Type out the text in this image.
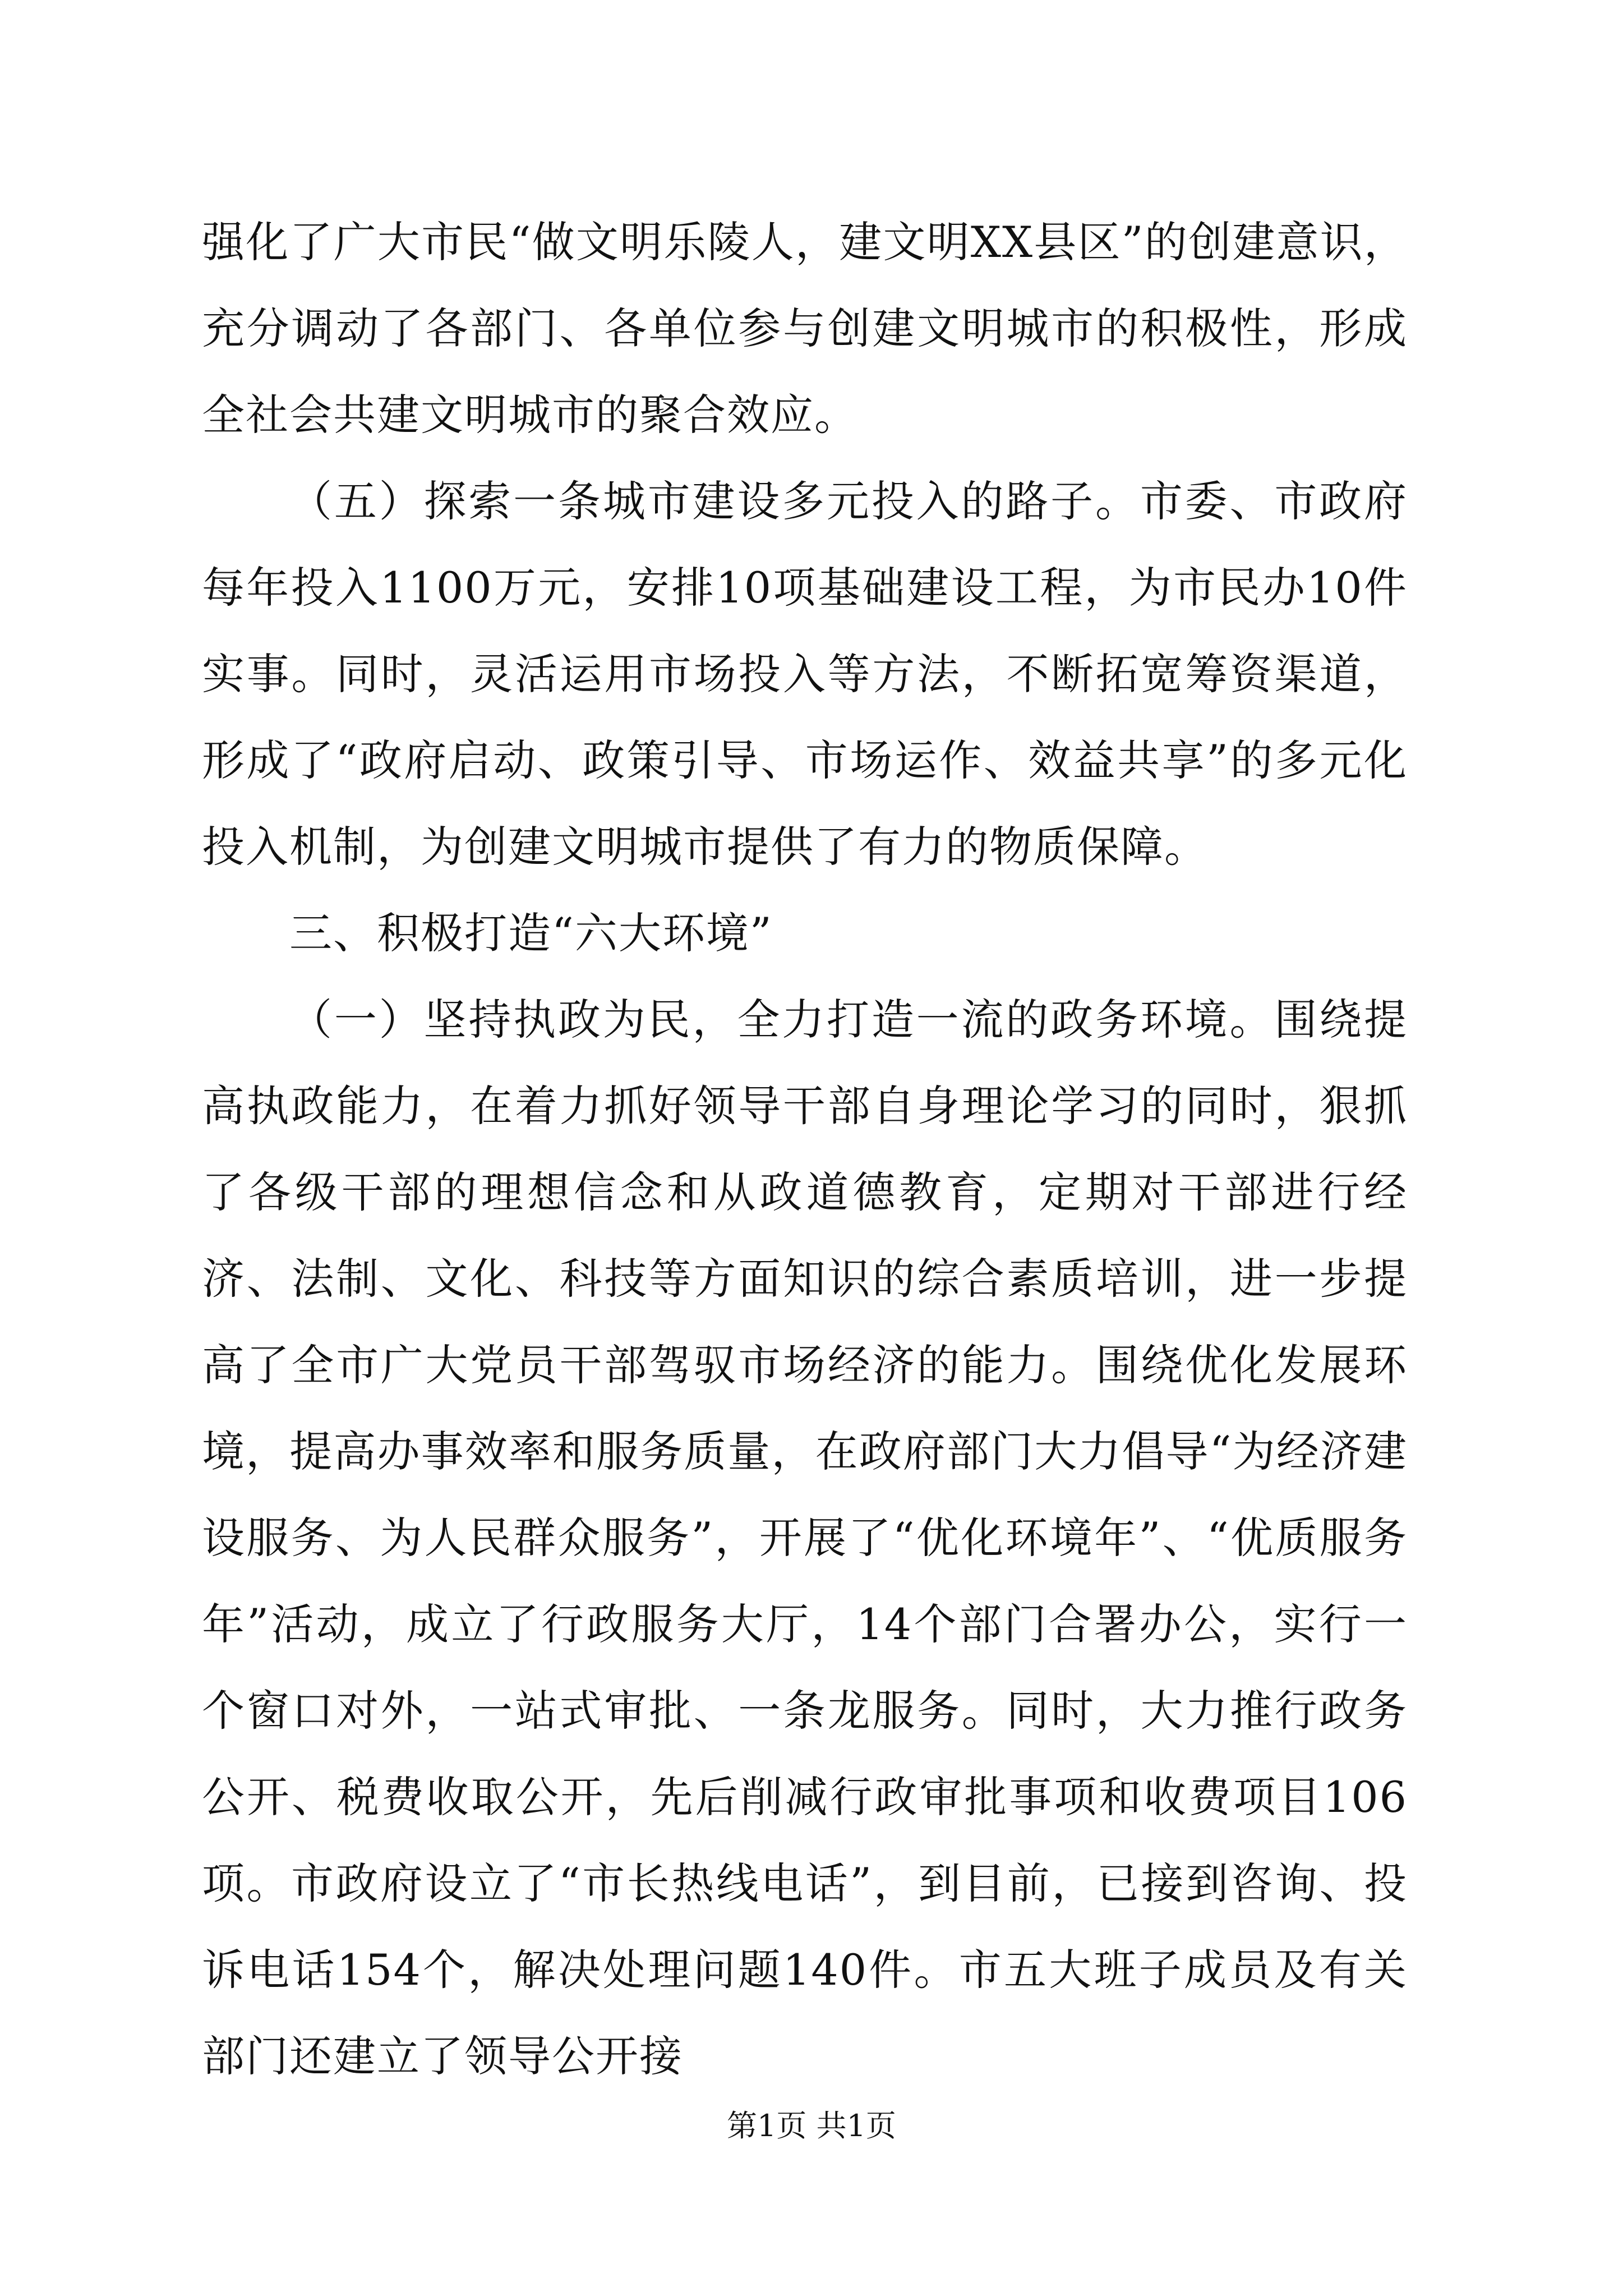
强化了广大市民“做文明乐陵人，建文明XX县区”的创建意识，充分调动了各部门、各单位参与创建文明城市的积极性，形成全社会共建文明城市的聚合效应。

（五）探索一条城市建设多元投入的路子。市委、市政府每年投入1100万元，安排10项基础建设工程，为市民办10件实事。同时，灵活运用市场投入等方法，不断拓宽筹资渠道，形成了“政府启动、政策引导、市场运作、效益共享”的多元化投入机制，为创建文明城市提供了有力的物质保障。

三、积极打造“六大环境”

（一）坚持执政为民，全力打造一流的政务环境。围绕提高执政能力，在着力抓好领导干部自身理论学习的同时，狠抓了各级干部的理想信念和从政道德教育，定期对干部进行经济、法制、文化、科技等方面知识的综合素质培训，进一步提高了全市广大党员干部驾驭市场经济的能力。围绕优化发展环境，提高办事效率和服务质量，在政府部门大力倡导“为经济建设服务、为人民群众服务”，开展了“优化环境年”、“优质服务年”活动，成立了行政服务大厅，14个部门合署办公，实行一个窗口对外，一站式审批、一条龙服务。同时，大力推行政务公开、税费收取公开，先后削减行政审批事项和收费项目106项。市政府设立了“市长热线电话”，到目前，已接到咨询、投诉电话154个，解决处理问题140件。市五大班子成员及有关部门还建立了领导公开接

第1页 共1页
